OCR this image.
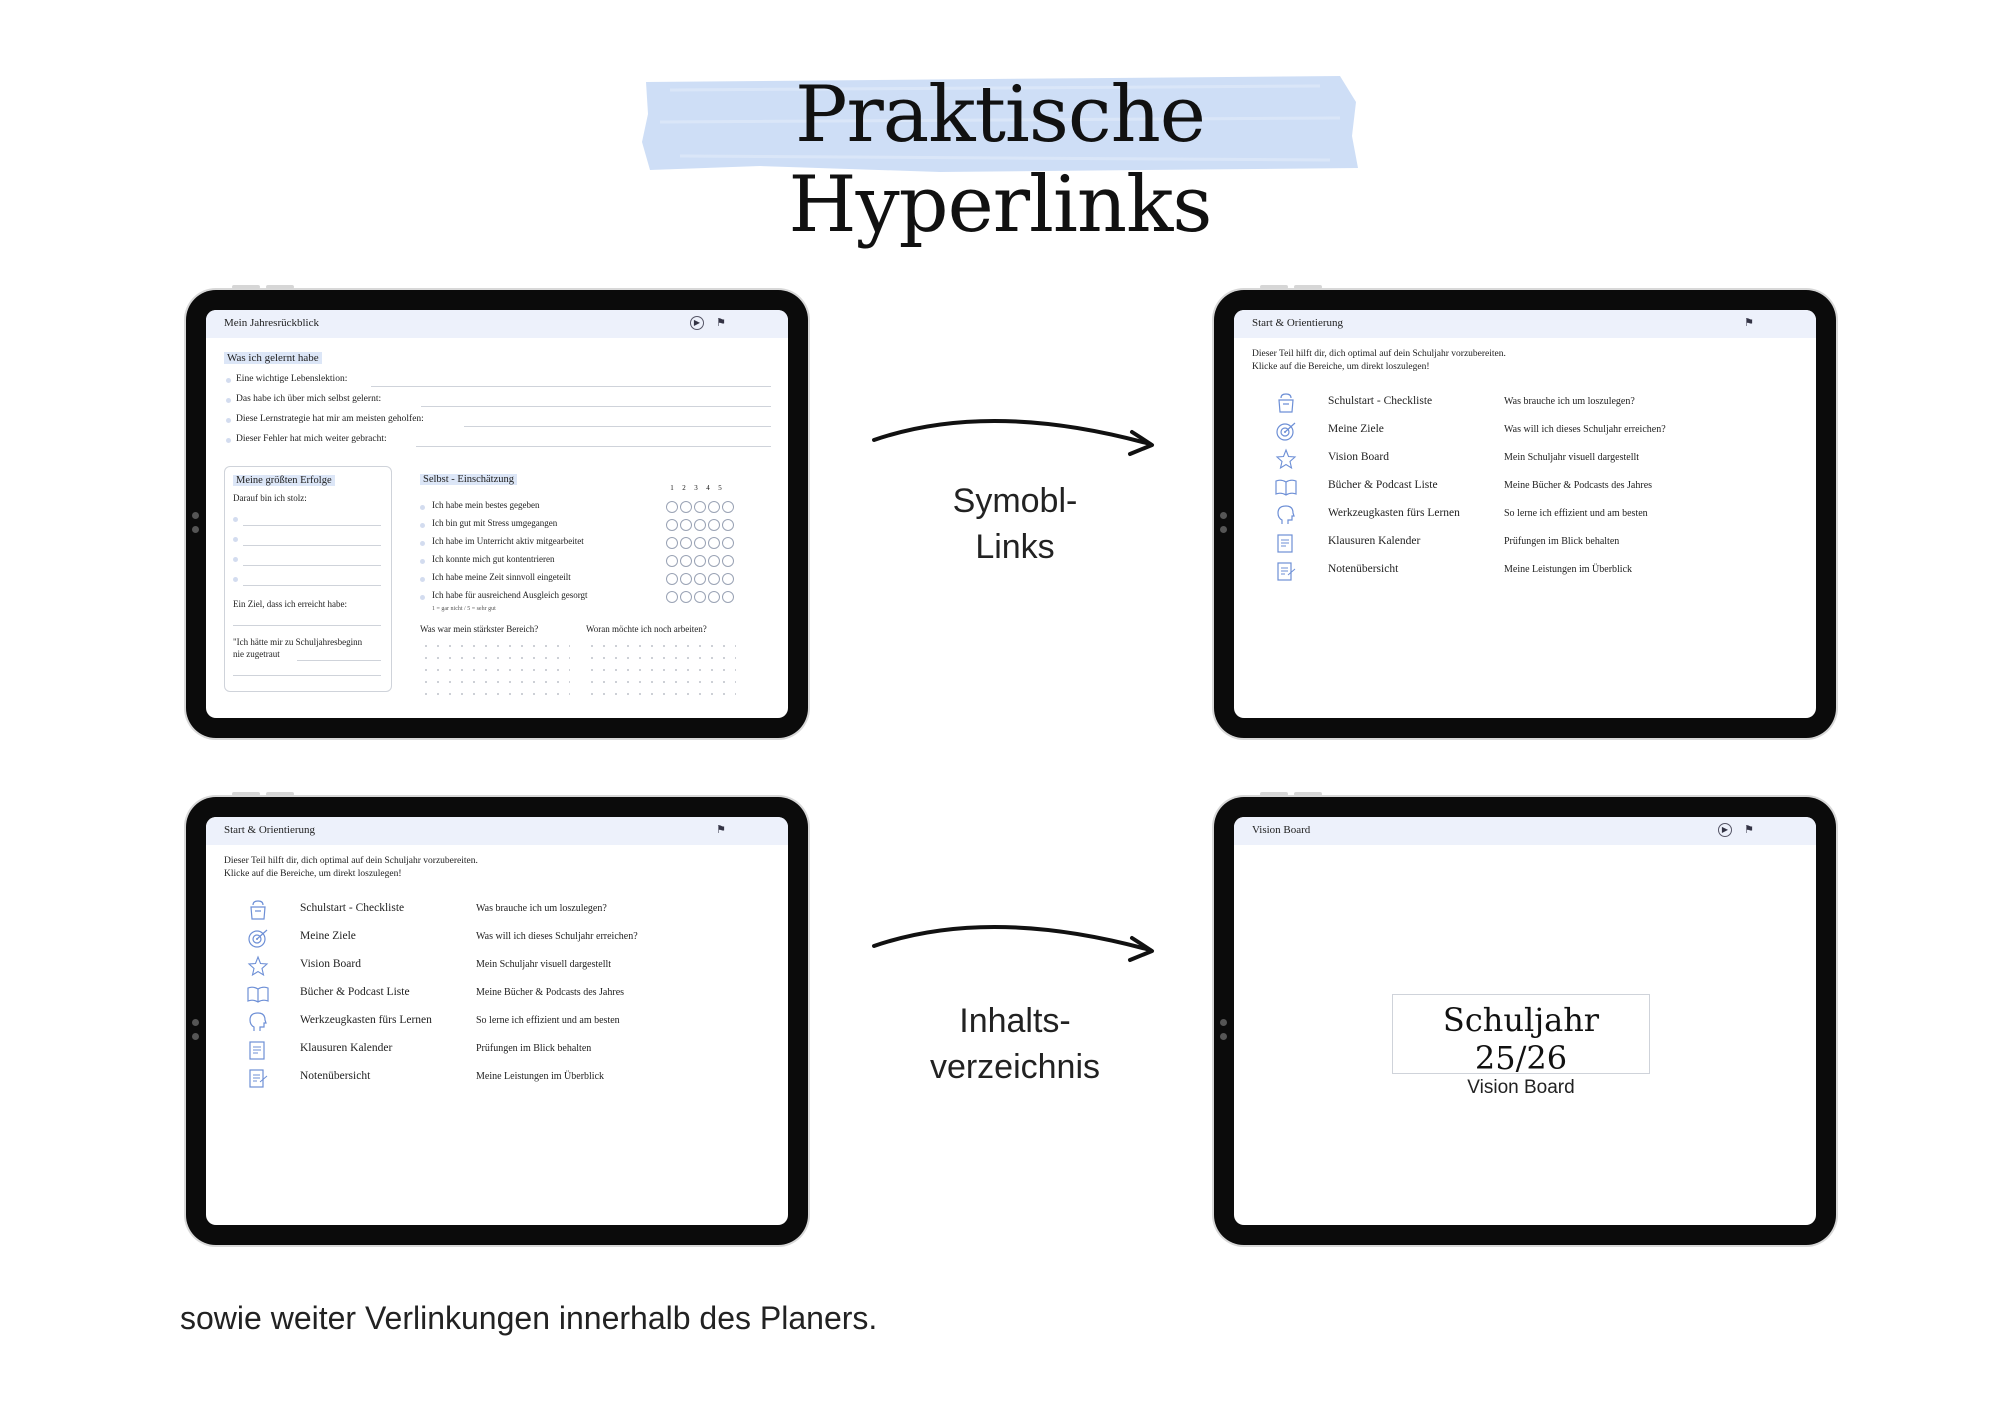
Praktische Hyperlinks
Mein Jahresrückblick	▶	⚑
Was ich gelernt habe
Eine wichtige Lebenslektion:
Das habe ich über mich selbst gelernt:
Diese Lernstrategie hat mir am meisten geholfen:
Dieser Fehler hat mich weiter gebracht:
Meine größten Erfolge
Darauf bin ich stolz:
Ein Ziel, dass ich erreicht habe:
"Ich hätte mir zu Schuljahresbeginn
nie zugetraut
Selbst - Einschätzung
1 2 3 4 5
Ich habe mein bestes gegeben
Ich bin gut mit Stress umgegangen
Ich habe im Unterricht aktiv mitgearbeitet
Ich konnte mich gut kontentrieren
Ich habe meine Zeit sinnvoll eingeteilt
Ich habe für ausreichend Ausgleich gesorgt
1 = gar nicht / 5 = sehr gut
Was war mein stärkster Bereich?	Woran möchte ich noch arbeiten?
Start & Orientierung	⚑
Dieser Teil hilft dir, dich optimal auf dein Schuljahr vorzubereiten.
Klicke auf die Bereiche, um direkt loszulegen!
Schulstart - Checkliste	Was brauche ich um loszulegen?
Meine Ziele	Was will ich dieses Schuljahr erreichen?
Vision Board	Mein Schuljahr visuell dargestellt
Bücher & Podcast Liste	Meine Bücher & Podcasts des Jahres
Werkzeugkasten fürs Lernen	So lerne ich effizient und am besten
Klausuren Kalender	Prüfungen im Blick behalten
Notenübersicht	Meine Leistungen im Überblick
Start & Orientierung	⚑
Dieser Teil hilft dir, dich optimal auf dein Schuljahr vorzubereiten.
Klicke auf die Bereiche, um direkt loszulegen!
Schulstart - Checkliste	Was brauche ich um loszulegen?
Meine Ziele	Was will ich dieses Schuljahr erreichen?
Vision Board	Mein Schuljahr visuell dargestellt
Bücher & Podcast Liste	Meine Bücher & Podcasts des Jahres
Werkzeugkasten fürs Lernen	So lerne ich effizient und am besten
Klausuren Kalender	Prüfungen im Blick behalten
Notenübersicht	Meine Leistungen im Überblick
Vision Board	▶	⚑
Schuljahr 25/26
Vision Board
Symobl-
Links
Inhalts-
verzeichnis
sowie weiter Verlinkungen innerhalb des Planers.
